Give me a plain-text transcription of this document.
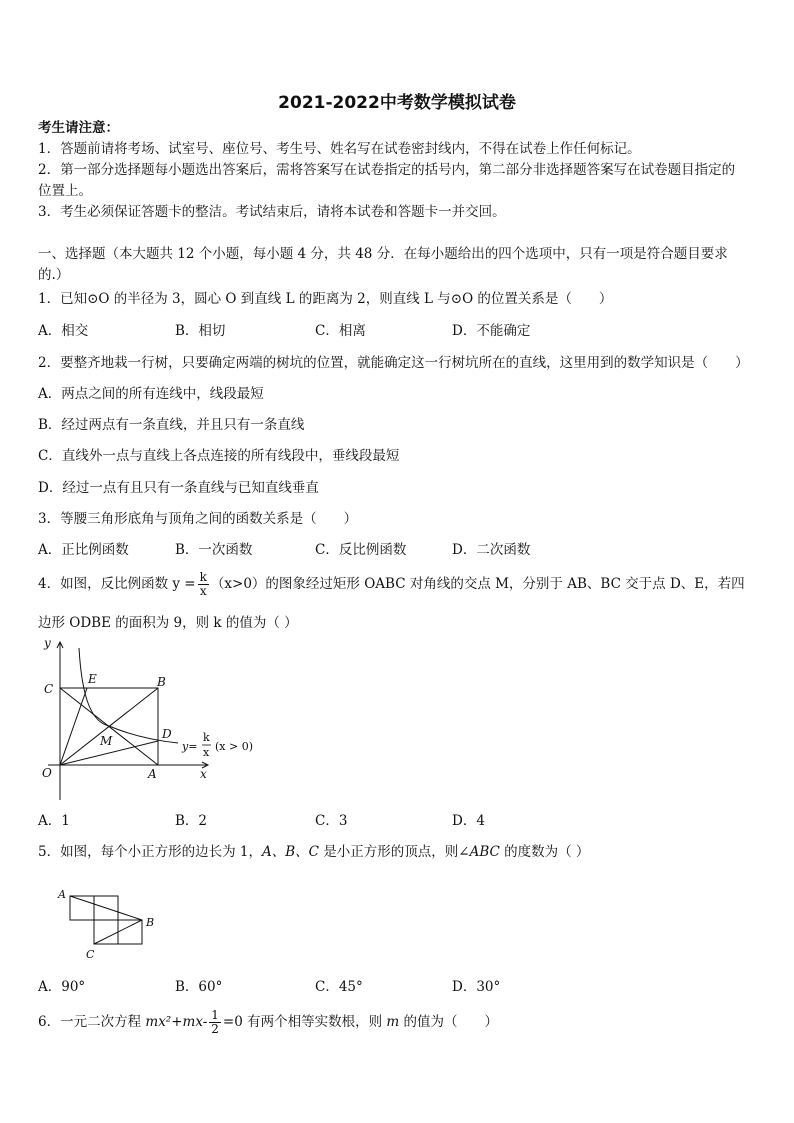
2021-2022中考数学模拟试卷
考生请注意：
1．答题前请将考场、试室号、座位号、考生号、姓名写在试卷密封线内，不得在试卷上作任何标记。
2．第一部分选择题每小题选出答案后，需将答案写在试卷指定的括号内，第二部分非选择题答案写在试卷题目指定的
位置上。
3．考生必须保证答题卡的整洁。考试结束后，请将本试卷和答题卡一并交回。
一、选择题（本大题共 12 个小题，每小题 4 分，共 48 分．在每小题给出的四个选项中，只有一项是符合题目要求
的.）
1．已知⊙O 的半径为 3，圆心 O 到直线 L 的距离为 2，则直线 L 与⊙O 的位置关系是（　　）
A．相交	B．相切	C．相离	D．不能确定
2．要整齐地栽一行树，只要确定两端的树坑的位置，就能确定这一行树坑所在的直线，这里用到的数学知识是（　　）
A．两点之间的所有连线中，线段最短
B．经过两点有一条直线，并且只有一条直线
C．直线外一点与直线上各点连接的所有线段中，垂线段最短
D．经过一点有且只有一条直线与已知直线垂直
3．等腰三角形底角与顶角之间的函数关系是（　　）
A．正比例函数	B．一次函数	C．反比例函数	D．二次函数
4．如图，反比例函数 $y = \frac{k}{x} (x>0)$的图象经过矩形 OABC 对角线的交点 M，分别于 AB、BC 交于点 D、E，若四
边形 ODBE 的面积为 9，则 k 的值为（ ）
y
x
O	A
B
C
D
E
M	y=
k
x (x > 0)
A．1	B．2	C．3	D．4
5．如图，每个小正方形的边长为 1，A、B、C 是小正方形的顶点，则∠ABC 的度数为（ ）
A
B
C
A．90°	B．60°	C．45°	D．30°
6．一元二次方程 $mx^2+mx- \frac{1}{2} =0$ 有两个相等实数根，则 m 的值为（　　）
